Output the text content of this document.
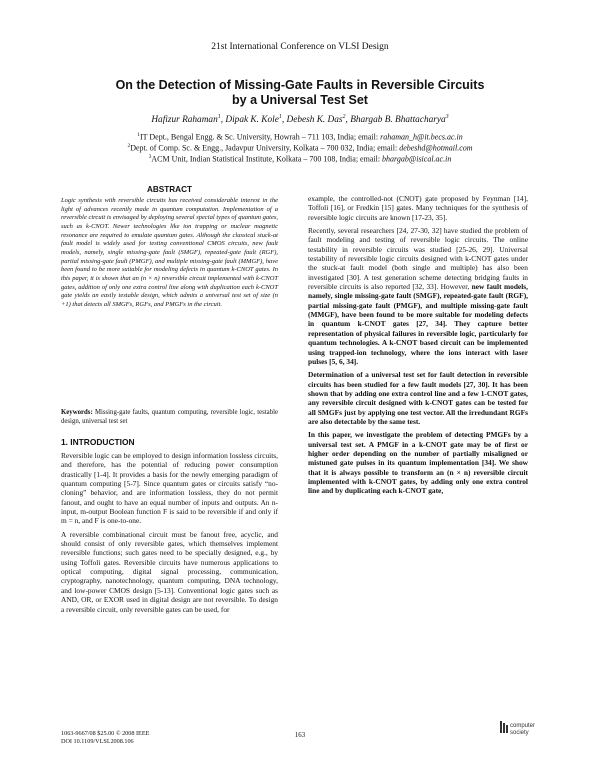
21st International Conference on VLSI Design
On the Detection of Missing-Gate Faults in Reversible Circuits
by a Universal Test Set
Hafizur Rahaman$^1$, Dipak K. Kole$^1$, Debesh K. Das$^2$, Bhargab B. Bhattacharya$^3$
$^1$IT Dept., Bengal Engg. & Sc. University, Howrah – 711 103, India; email: rahaman_h@it.becs.ac.in
$^2$Dept. of Comp. Sc. & Engg., Jadavpur University, Kolkata – 700 032, India; email: debeshd@hotmail.com
$^3$ACM Unit, Indian Statistical Institute, Kolkata – 700 108, India; email: bhargab@isical.ac.in
ABSTRACT
Logic synthesis with reversible circuits has received considerable interest in the light of advances recently made in quantum computation. Implementation of a reversible circuit is envisaged by deploying several special types of quantum gates, such as k-CNOT. Newer technologies like ion trapping or nuclear magnetic resonance are required to emulate quantum gates. Although the classical stuck-at fault model is widely used for testing conventional CMOS circuits, new fault models, namely, single missing-gate fault (SMGF), repeated-gate fault (RGF), partial missing-gate fault (PMGF), and multiple missing-gate fault (MMGF), have been found to be more suitable for modeling defects in quantum k-CNOT gates. In this paper, it is shown that an (n × n) reversible circuit implemented with k-CNOT gates, addition of only one extra control line along with duplication each k-CNOT gate yields an easily testable design, which admits a universal test set of size (n +1) that detects all SMGFs, RGFs, and PMGFs in the circuit.
Keywords: Missing-gate faults, quantum computing, reversible logic, testable design, universal test set
1. INTRODUCTION

Reversible logic can be employed to design information lossless circuits, and therefore, has the potential of reducing power consumption drastically [1-4]. It provides a basis for the newly emerging paradigm of quantum computing [5-7]. Since quantum gates or circuits satisfy “no-cloning” behavior, and are information lossless, they do not permit fanout, and ought to have an equal number of inputs and outputs. An n-input, m-output Boolean function F is said to be reversible if and only if m = n, and F is one-to-one.

A reversible combinational circuit must be fanout free, acyclic, and should consist of only reversible gates, which themselves implement reversible functions; such gates need to be specially designed, e.g., by using Toffoli gates. Reversible circuits have numerous applications to optical computing, digital signal processing, communication, cryptography, nanotechnology, quantum computing, DNA technology, and low-power CMOS design [5-13]. Conventional logic gates such as AND, OR, or EXOR used in digital design are not reversible. To design a reversible circuit, only reversible gates can be used, for

example, the controlled-not (CNOT) gate proposed by Feynman [14], Toffoli [16], or Fredkin [15] gates. Many techniques for the synthesis of reversible logic circuits are known [17-23, 35].

Recently, several researchers [24, 27-30, 32] have studied the problem of fault modeling and testing of reversible logic circuits. The online testability in reversible circuits was studied [25-26, 29]. Universal testability of reversible logic circuits designed with k-CNOT gates under the stuck-at fault model (both single and multiple) has also been investigated [30]. A test generation scheme detecting bridging faults in reversible circuits is also reported [32, 33]. However, new fault models, namely, single missing-gate fault (SMGF), repeated-gate fault (RGF), partial missing-gate fault (PMGF), and multiple missing-gate fault (MMGF), have been found to be more suitable for modeling defects in quantum k-CNOT gates [27, 34]. They capture better representation of physical failures in reversible logic, particularly for quantum technologies. A k-CNOT based circuit can be implemented using trapped-ion technology, where the ions interact with laser pulses [5, 6, 34].

Determination of a universal test set for fault detection in reversible circuits has been studied for a few fault models [27, 30]. It has been shown that by adding one extra control line and a few 1-CNOT gates, any reversible circuit designed with k-CNOT gates can be tested for all SMGFs just by applying one test vector. All the irredundant RGFs are also detectable by the same test.

In this paper, we investigate the problem of detecting PMGFs by a universal test set. A PMGF in a k-CNOT gate may be of first or higher order depending on the number of partially misaligned or mistuned gate pulses in its quantum implementation [34]. We show that it is always possible to transform an (n × n) reversible circuit implemented with k-CNOT gates, by adding only one extra control line and by duplicating each k-CNOT gate,

1063-9667/08 $25.00 © 2008 IEEE
DOI 10.1109/VLSI.2008.106
163
computer
society
